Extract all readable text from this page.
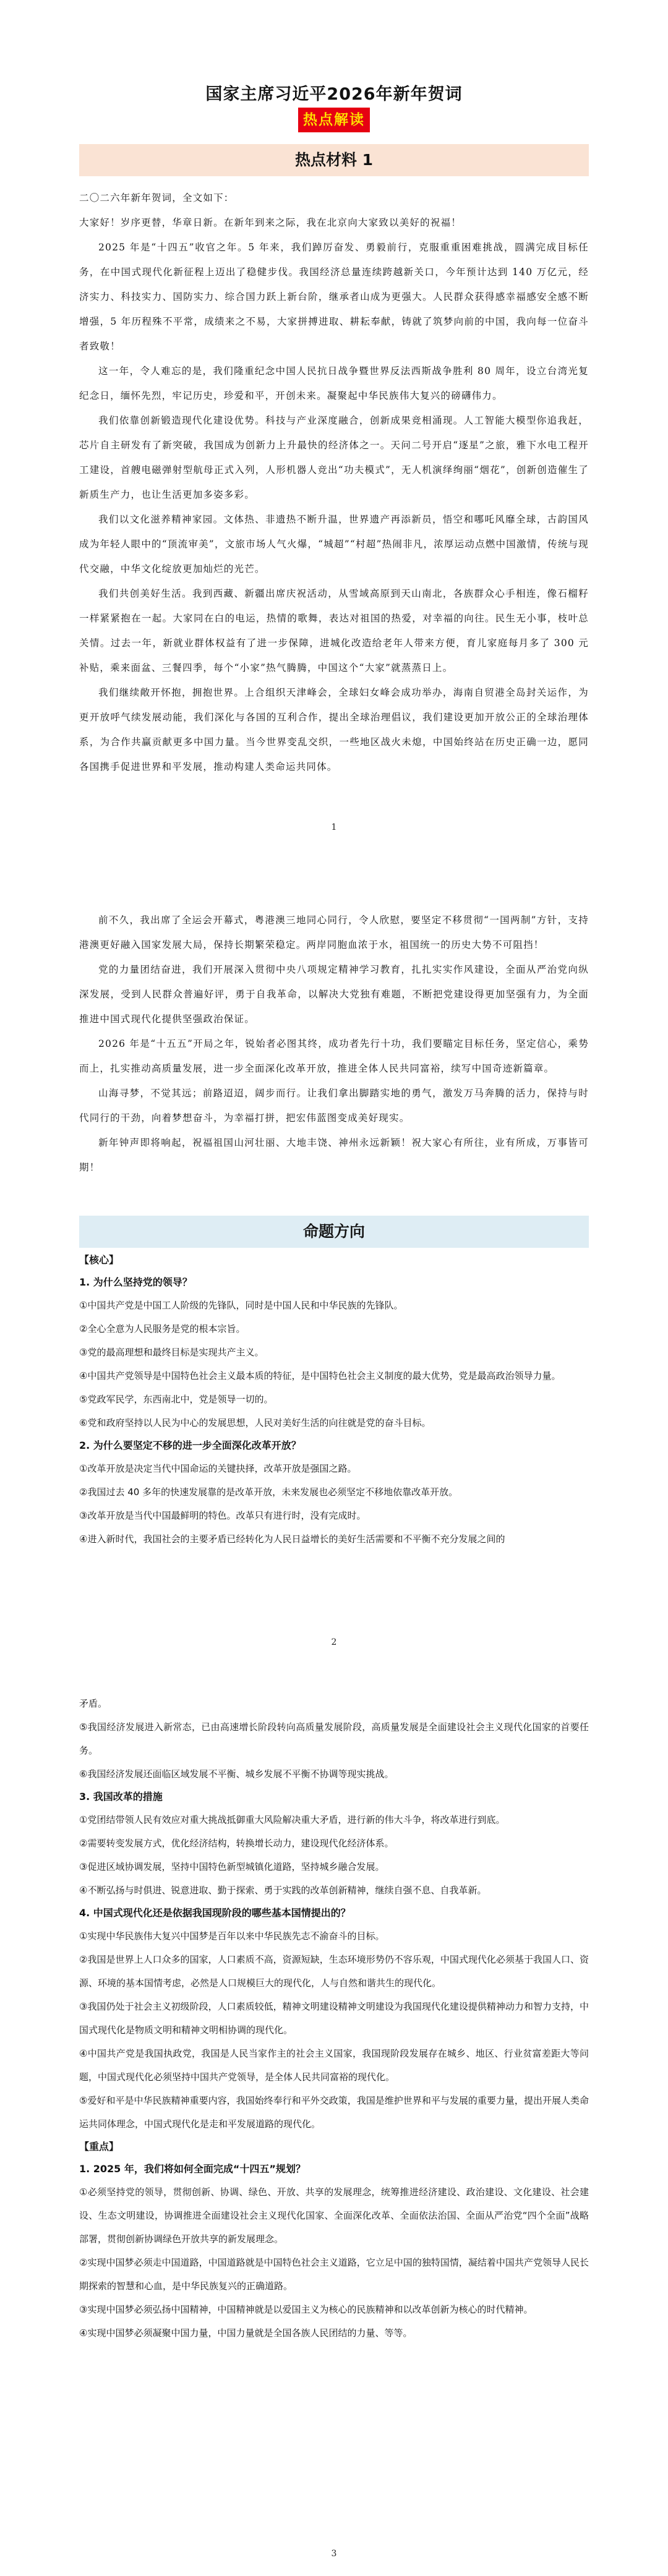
国家主席习近平2026年新年贺词
热点解读
热点材料 1

二〇二六年新年贺词，全文如下：

大家好！岁序更替，华章日新。在新年到来之际，我在北京向大家致以美好的祝福！

2025 年是“十四五”收官之年。5 年来，我们踔厉奋发、勇毅前行，克服重重困难挑战，圆满完成目标任务，在中国式现代化新征程上迈出了稳健步伐。我国经济总量连续跨越新关口，今年预计达到 140 万亿元，经济实力、科技实力、国防实力、综合国力跃上新台阶，继承者山成为更强大。人民群众获得感幸福感安全感不断增强，5 年历程殊不平常，成绩来之不易，大家拼搏进取、耕耘奉献，铸就了筑梦向前的中国，我向每一位奋斗者致敬！

这一年，令人难忘的是，我们隆重纪念中国人民抗日战争暨世界反法西斯战争胜利 80 周年，设立台湾光复纪念日，缅怀先烈，牢记历史，珍爱和平，开创未来。凝聚起中华民族伟大复兴的磅礴伟力。

我们依靠创新锻造现代化建设优势。科技与产业深度融合，创新成果竞相涌现。人工智能大模型你追我赶，芯片自主研发有了新突破，我国成为创新力上升最快的经济体之一。天问二号开启“逐星”之旅，雅下水电工程开工建设，首艘电磁弹射型航母正式入列，人形机器人竞出“功夫模式”，无人机演绎绚丽“烟花”，创新创造催生了新质生产力，也让生活更加多姿多彩。

我们以文化滋养精神家园。文体热、非遗热不断升温，世界遗产再添新员，悟空和哪吒风靡全球，古韵国风成为年轻人眼中的“顶流审美”，文旅市场人气火爆，“城超”“村超”热闹非凡，浓厚运动点燃中国激情，传统与现代交融，中华文化绽放更加灿烂的光芒。

我们共创美好生活。我到西藏、新疆出席庆祝活动，从雪域高原到天山南北，各族群众心手相连，像石榴籽一样紧紧抱在一起。大家同在白的电运，热情的歌舞，表达对祖国的热爱，对幸福的向往。民生无小事，枝叶总关情。过去一年，新就业群体权益有了进一步保障，进城化改造给老年人带来方便，育儿家庭每月多了 300 元补贴，乘来面盆、三餐四季，每个“小家”热气腾腾，中国这个“大家”就蒸蒸日上。

我们继续敞开怀抱，拥抱世界。上合组织天津峰会，全球妇女峰会成功举办，海南自贸港全岛封关运作，为更开放呼气续发展动能，我们深化与各国的互利合作，提出全球治理倡议，我们建设更加开放公正的全球治理体系，为合作共赢贡献更多中国力量。当今世界变乱交织，一些地区战火未熄，中国始终站在历史正确一边，愿同各国携手促进世界和平发展，推动构建人类命运共同体。

1

前不久，我出席了全运会开幕式，粤港澳三地同心同行，令人欣慰，要坚定不移贯彻“一国两制”方针，支持港澳更好融入国家发展大局，保持长期繁荣稳定。两岸同胞血浓于水，祖国统一的历史大势不可阻挡！

党的力量团结奋进，我们开展深入贯彻中央八项规定精神学习教育，扎扎实实作风建设，全面从严治党向纵深发展，受到人民群众普遍好评，勇于自我革命，以解决大党独有难题，不断把党建设得更加坚强有力，为全面推进中国式现代化提供坚强政治保证。

2026 年是“十五五”开局之年，锐始者必图其终，成功者先行十功，我们要瞄定目标任务，坚定信心，乘势而上，扎实推动高质量发展，进一步全面深化改革开放，推进全体人民共同富裕，续写中国奇迹新篇章。

山海寻梦，不觉其远；前路迢迢，阔步而行。让我们拿出脚踏实地的勇气，激发万马奔腾的活力，保持与时代同行的干劲，向着梦想奋斗，为幸福打拼，把宏伟蓝图变成美好现实。

新年钟声即将响起，祝福祖国山河壮丽、大地丰饶、神州永远新颖！祝大家心有所往，业有所成，万事皆可期！

命题方向

【核心】

1. 为什么坚持党的领导？

①中国共产党是中国工人阶级的先锋队，同时是中国人民和中华民族的先锋队。

②全心全意为人民服务是党的根本宗旨。

③党的最高理想和最终目标是实现共产主义。

④中国共产党领导是中国特色社会主义最本质的特征，是中国特色社会主义制度的最大优势，党是最高政治领导力量。

⑤党政军民学，东西南北中，党是领导一切的。

⑥党和政府坚持以人民为中心的发展思想，人民对美好生活的向往就是党的奋斗目标。

2. 为什么要坚定不移的进一步全面深化改革开放？

①改革开放是决定当代中国命运的关键抉择，改革开放是强国之路。

②我国过去 40 多年的快速发展靠的是改革开放，未来发展也必须坚定不移地依靠改革开放。

③改革开放是当代中国最鲜明的特色。改革只有进行时，没有完成时。

④进入新时代，我国社会的主要矛盾已经转化为人民日益增长的美好生活需要和不平衡不充分发展之间的

2

矛盾。

⑤我国经济发展进入新常态，已由高速增长阶段转向高质量发展阶段，高质量发展是全面建设社会主义现代化国家的首要任务。

⑥我国经济发展还面临区域发展不平衡、城乡发展不平衡不协调等现实挑战。

3. 我国改革的措施

①党团结带领人民有效应对重大挑战抵御重大风险解决重大矛盾，进行新的伟大斗争，将改革进行到底。

②需要转变发展方式，优化经济结构，转换增长动力，建设现代化经济体系。

③促进区域协调发展，坚持中国特色新型城镇化道路，坚持城乡融合发展。

④不断弘扬与时俱进、锐意进取、勤于探索、勇于实践的改革创新精神，继续自强不息、自我革新。

4. 中国式现代化还是依据我国现阶段的哪些基本国情提出的？

①实现中华民族伟大复兴中国梦是百年以来中华民族先志不渝奋斗的目标。

②我国是世界上人口众多的国家，人口素质不高，资源短缺，生态环境形势仍不容乐观，中国式现代化必须基于我国人口、资源、环境的基本国情考虑，必然是人口规模巨大的现代化，人与自然和谐共生的现代化。

③我国仍处于社会主义初级阶段，人口素质较低，精神文明建设精神文明建设为我国现代化建设提供精神动力和智力支持，中国式现代化是物质文明和精神文明相协调的现代化。

④中国共产党是我国执政党，我国是人民当家作主的社会主义国家，我国现阶段发展存在城乡、地区、行业贫富差距大等问题，中国式现代化必须坚持中国共产党领导，是全体人民共同富裕的现代化。

⑤爱好和平是中华民族精神重要内容，我国始终奉行和平外交政策，我国是维护世界和平与发展的重要力量，提出开展人类命运共同体理念，中国式现代化是走和平发展道路的现代化。

【重点】

1. 2025 年，我们将如何全面完成“十四五”规划？

①必须坚持党的领导，贯彻创新、协调、绿色、开放、共享的发展理念，统筹推进经济建设、政治建设、文化建设、社会建设、生态文明建设，协调推进全面建设社会主义现代化国家、全面深化改革、全面依法治国、全面从严治党“四个全面”战略部署，贯彻创新协调绿色开放共享的新发展理念。

②实现中国梦必须走中国道路，中国道路就是中国特色社会主义道路，它立足中国的独特国情，凝结着中国共产党领导人民长期探索的智慧和心血，是中华民族复兴的正确道路。

③实现中国梦必须弘扬中国精神，中国精神就是以爱国主义为核心的民族精神和以改革创新为核心的时代精神。

④实现中国梦必须凝聚中国力量，中国力量就是全国各族人民团结的力量、等等。

3
